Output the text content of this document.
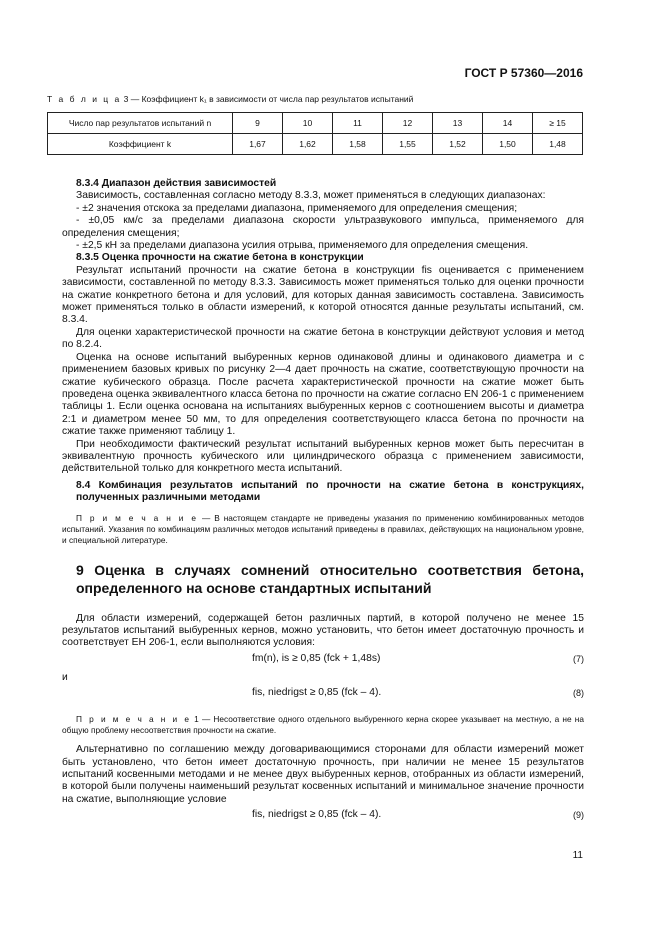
ГОСТ Р 57360—2016
Т а б л и ц а 3 — Коэффициент k₁ в зависимости от числа пар результатов испытаний
Число пар результатов испытаний n	9	10	11	12	13	14	≥ 15
Коэффициент k	1,67	1,62	1,58	1,55	1,52	1,50	1,48

8.3.4 Диапазон действия зависимостей

Зависимость, составленная согласно методу 8.3.3, может применяться в следующих диапазонах:

- ±2 значения отскока за пределами диапазона, применяемого для определения смещения;

- ±0,05 км/с за пределами диапазона скорости ультразвукового импульса, применяемого для определения смещения;

- ±2,5 кН за пределами диапазона усилия отрыва, применяемого для определения смещения.

8.3.5 Оценка прочности на сжатие бетона в конструкции

Результат испытаний прочности на сжатие бетона в конструкции fis оценивается с применением зависимости, составленной по методу 8.3.3. Зависимость может применяться только для оценки прочности на сжатие конкретного бетона и для условий, для которых данная зависимость составлена. Зависимость может применяться только в области измерений, к которой относятся данные результаты испытаний, см. 8.3.4.

Для оценки характеристической прочности на сжатие бетона в конструкции действуют условия и метод по 8.2.4.

Оценка на основе испытаний выбуренных кернов одинаковой длины и одинакового диаметра и с применением базовых кривых по рисунку 2—4 дает прочность на сжатие, соответствующую прочности на сжатие кубического образца. После расчета характеристической прочности на сжатие может быть проведена оценка эквивалентного класса бетона по прочности на сжатие согласно EN 206-1 с применением таблицы 1. Если оценка основана на испытаниях выбуренных кернов с соотношением высоты и диаметра 2:1 и диаметром менее 50 мм, то для определения соответствующего класса бетона по прочности на сжатие также применяют таблицу 1.

При необходимости фактический результат испытаний выбуренных кернов может быть пересчитан в эквивалентную прочность кубического или цилиндрического образца с применением зависимости, действительной только для конкретного места испытаний.

8.4 Комбинация результатов испытаний по прочности на сжатие бетона в конструкциях, полученных различными методами

П р и м е ч а н и е — В настоящем стандарте не приведены указания по применению комбинированных методов испытаний. Указания по комбинациям различных методов испытаний приведены в правилах, действующих на национальном уровне, и специальной литературе.

9 Оценка в случаях сомнений относительно соответствия бетона, определенного на основе стандартных испытаний

Для области измерений, содержащей бетон различных партий, в которой получено не менее 15 результатов испытаний выбуренных кернов, можно установить, что бетон имеет достаточную прочность и соответствует EH 206-1, если выполняются условия:

fm(n), is ≥ 0,85 (fck + 1,48s)	(7)

и

fis, niedrigst ≥ 0,85 (fck – 4).	(8)

П р и м е ч а н и е 1 — Несоответствие одного отдельного выбуренного керна скорее указывает на местную, а не на общую проблему несоответствия прочности на сжатие.

Альтернативно по соглашению между договаривающимися сторонами для области измерений может быть установлено, что бетон имеет достаточную прочность, при наличии не менее 15 результатов испытаний косвенными методами и не менее двух выбуренных кернов, отобранных из области измерений, в которой были получены наименьший результат косвенных испытаний и минимальное значение прочности на сжатие, выполняющие условие

fis, niedrigst ≥ 0,85 (fck – 4).	(9)
11
